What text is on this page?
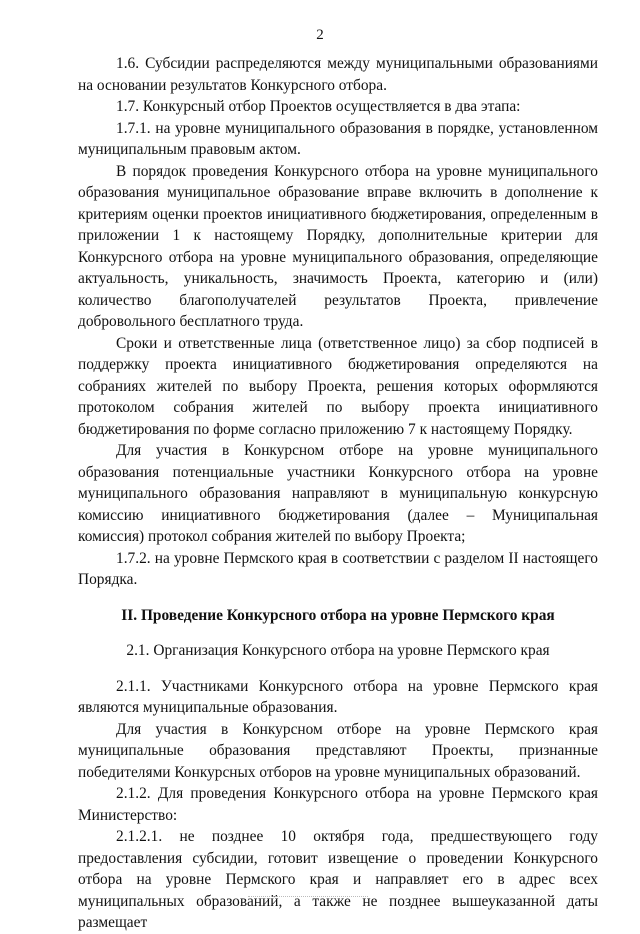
2

1.6. Субсидии распределяются между муниципальными образованиями на основании результатов Конкурсного отбора.

1.7. Конкурсный отбор Проектов осуществляется в два этапа:

1.7.1. на уровне муниципального образования в порядке, установленном муниципальным правовым актом.

В порядок проведения Конкурсного отбора на уровне муниципального образования муниципальное образование вправе включить в дополнение к критериям оценки проектов инициативного бюджетирования, определенным в приложении 1 к настоящему Порядку, дополнительные критерии для Конкурсного отбора на уровне муниципального образования, определяющие актуальность, уникальность, значимость Проекта, категорию и (или) количество благополучателей результатов Проекта, привлечение добровольного бесплатного труда.

Сроки и ответственные лица (ответственное лицо) за сбор подписей в поддержку проекта инициативного бюджетирования определяются на собраниях жителей по выбору Проекта, решения которых оформляются протоколом собрания жителей по выбору проекта инициативного бюджетирования по форме согласно приложению 7 к настоящему Порядку.

Для участия в Конкурсном отборе на уровне муниципального образования потенциальные участники Конкурсного отбора на уровне муниципального образования направляют в муниципальную конкурсную комиссию инициативного бюджетирования (далее – Муниципальная комиссия) протокол собрания жителей по выбору Проекта;

1.7.2. на уровне Пермского края в соответствии с разделом II настоящего Порядка.

II. Проведение Конкурсного отбора на уровне Пермского края

2.1. Организация Конкурсного отбора на уровне Пермского края

2.1.1. Участниками Конкурсного отбора на уровне Пермского края являются муниципальные образования.

Для участия в Конкурсном отборе на уровне Пермского края муниципальные образования представляют Проекты, признанные победителями Конкурсных отборов на уровне муниципальных образований.

2.1.2. Для проведения Конкурсного отбора на уровне Пермского края Министерство:

2.1.2.1. не позднее 10 октября года, предшествующего году предоставления субсидии, готовит извещение о проведении Конкурсного отбора на уровне Пермского края и направляет его в адрес всех муниципальных образований, а также не позднее вышеуказанной даты размещает
